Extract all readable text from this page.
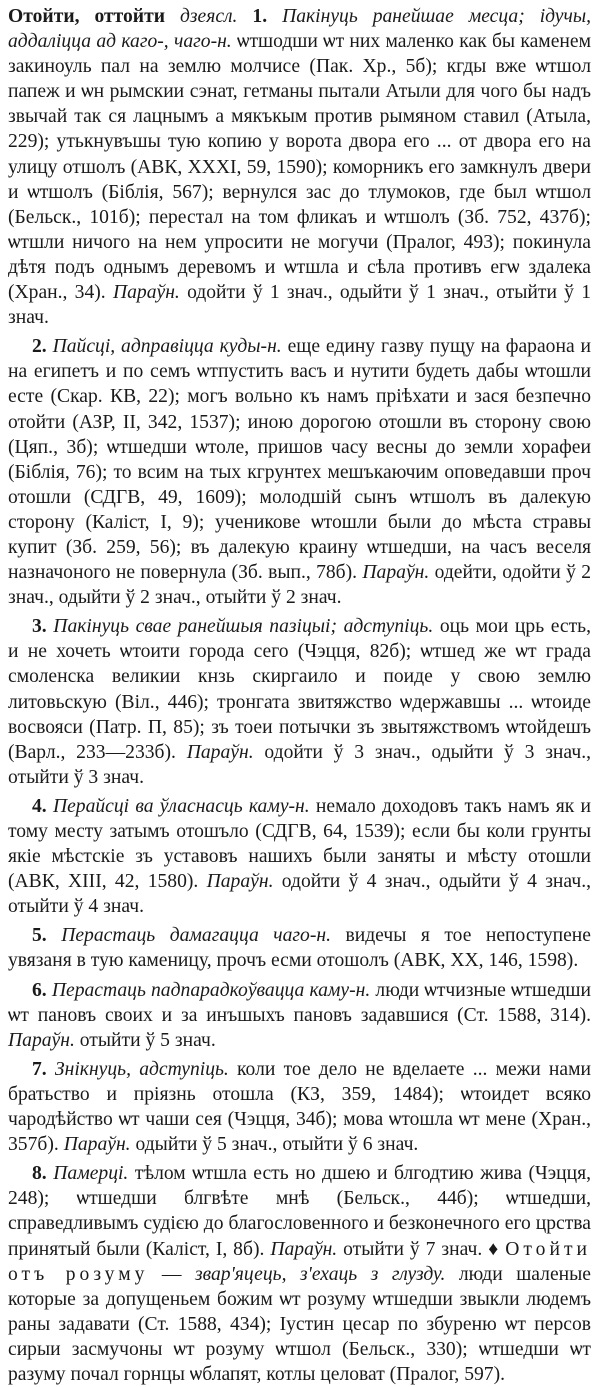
Отойти, оттойти дзеясл. 1. Пакінуць ранейшае месца; ідучы, аддаліцца ад каго-, чаго-н. ѡтшодши ѡт них маленко как бы каменем закиноуль пал на землю молчисе (Пак. Хр., 5б); кгды вже ѡтшол папеж и ѡн рымскии сэнат, гетманы пытали Атыли для чого бы надъ звычай так ся лацнымъ а мякъкым против рымяном ставил (Атыла, 229); утькнувъшы тую копию у ворота двора его ... от двора его на улицу отшолъ (АВК, XXXI, 59, 1590); коморникъ его замкнулъ двери и ѡтшолъ (Біблія, 567); вернулся зас до тлумоков, где был ѡтшол (Бельск., 101б); перестал на том фликаъ и ѡтшолъ (Зб. 752, 437б); ѡтшли ничого на нем упросити не могучи (Пралог, 493); покинула дѣтя подъ однымъ деревомъ и ѡтшла и сѣла противъ егѡ здалека (Хран., 34). Параўн. одойти ў 1 знач., одыйти ў 1 знач., отыйти ў 1 знач.

2. Пайсці, адправіцца куды-н. еще едину газву пущу на фараона и на египетъ и по семъ ѡтпустить васъ и нутити будеть дабы ѡтошли есте (Скар. КВ, 22); могъ вольно къ намъ пріѣхати и зася безпечно отойти (АЗР, II, 342, 1537); иною дорогою отошли въ сторону свою (Цяп., 3б); ѡтшедши ѡтоле, пришов часу весны до земли хорафеи (Біблія, 76); то всим на тых кгрунтех мешъкаючим оповедавши проч отошли (СДГВ, 49, 1609); молодшій сынъ ѡтшолъ въ далекую сторону (Каліст, I, 9); ученикове ѡтошли были до мѣста стравы купит (Зб. 259, 56); въ далекую краину ѡтшедши, на часъ веселя назначоного не повернула (Зб. вып., 78б). Параўн. одейти, одойти ў 2 знач., одыйти ў 2 знач., отыйти ў 2 знач.

3. Пакінуць свае ранейшыя пазіцыі; адступіць. оць мои црь есть, и не хочеть ѡтоити города сего (Чэцця, 82б); ѡтшед же ѡт града смоленска великии кнзь скиргаило и поиде у свою землю литовьскую (Віл., 446); тронгата звитяжство ѡдержавшы ... ѡтоиде восвояси (Патр. П, 85); зъ тоеи потычки зъ звытяжствомъ ѡтойдешъ (Варл., 233—233б). Параўн. одойти ў 3 знач., одыйти ў 3 знач., отыйти ў 3 знач.

4. Перайсці ва ўласнасць каму-н. немало доходовъ такъ намъ як и тому месту затымъ отошъло (СДГВ, 64, 1539); если бы коли грунты якіе мѣстскіе зъ уставовъ нашихъ были заняты и мѣсту отошли (АВК, XIII, 42, 1580). Параўн. одойти ў 4 знач., одыйти ў 4 знач., отыйти ў 4 знач.

5. Перастаць дамагацца чаго-н. видечы я тое непоступене увязаня в тую каменицу, прочъ есми отошолъ (АВК, XX, 146, 1598).

6. Перастаць падпарадкоўвацца каму-н. люди ѡтчизные ѡтшедши ѡт пановъ своих и за инъшыхъ пановъ задавшися (Ст. 1588, 314). Параўн. отыйти ў 5 знач.

7. Знікнуць, адступіць. коли тое дело не вделаете ... межи нами братьство и пріязнь отошла (КЗ, 359, 1484); ѡтоидет всяко чародѣйство ѡт чаши сея (Чэцця, 34б); мова ѡтошла ѡт мене (Хран., 357б). Параўн. одыйти ў 5 знач., отыйти ў 6 знач.

8. Памерці. тѣлом ѡтшла есть но дшею и блгодтию жива (Чэцця, 248); ѡтшедши блгвѣте мнѣ (Бельск., 44б); ѡтшедши, справедливымъ судією до благословенного и безконечного его црства принятый были (Каліст, I, 8б). Параўн. отыйти ў 7 знач. ♦ Отойти отъ розуму — звар'яцець, з'ехаць з глузду. люди шаленые которые за допущеньем божим ѡт розуму ѡтшедши звыкли людемъ раны задавати (Ст. 1588, 434); Іустин цесар по збуреню ѡт персов сирыи засмучоны ѡт розуму ѡтшол (Бельск., 330); ѡтшедши ѡт разуму почал горнцы ѡблапят, котлы целоват (Пралог, 597).
